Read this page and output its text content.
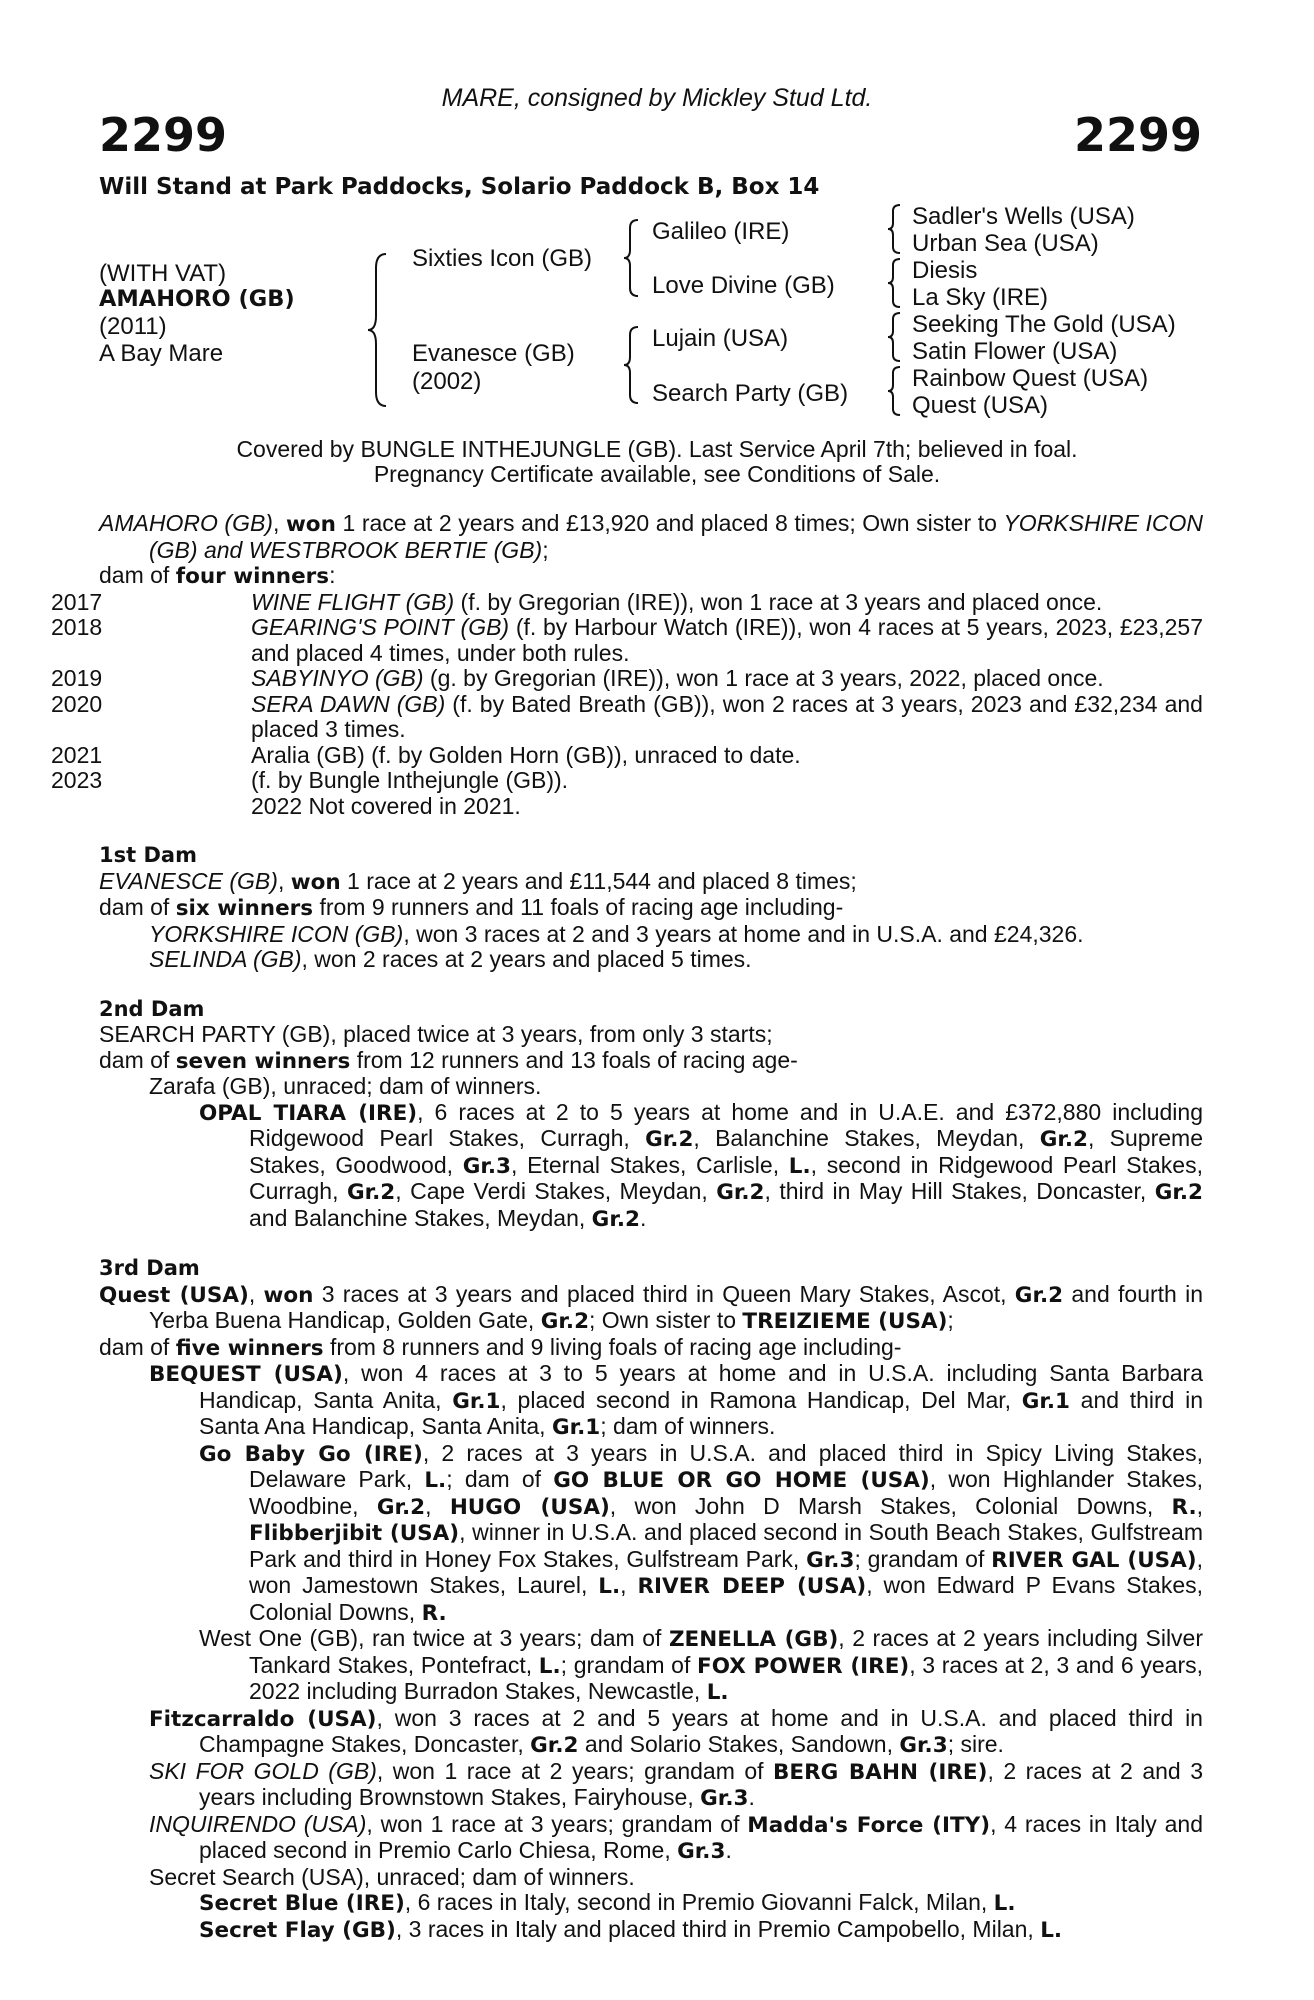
MARE, consigned by Mickley Stud Ltd.
2299	2299
Will Stand at Park Paddocks, Solario Paddock B, Box 14
(WITH VAT)
AMAHORO (GB)
(2011)
A Bay Mare
Sixties Icon (GB)
Evanesce (GB)
(2002)
Galileo (IRE)
Love Divine (GB)
Lujain (USA)
Search Party (GB)
Sadler's Wells (USA)
Urban Sea (USA)
Diesis
La Sky (IRE)
Seeking The Gold (USA)
Satin Flower (USA)
Rainbow Quest (USA)
Quest (USA)
Covered by BUNGLE INTHEJUNGLE (GB). Last Service April 7th; believed in foal.
Pregnancy Certificate available, see Conditions of Sale.

AMAHORO (GB), won 1 race at 2 years and £13,920 and placed 8 times; Own sister to YORKSHIRE ICON (GB) and WESTBROOK BERTIE (GB);

dam of four winners:

2017	WINE FLIGHT (GB) (f. by Gregorian (IRE)), won 1 race at 3 years and placed once.

2018	GEARING'S POINT (GB) (f. by Harbour Watch (IRE)), won 4 races at 5 years, 2023, £23,257 and placed 4 times, under both rules.

2019	SABYINYO (GB) (g. by Gregorian (IRE)), won 1 race at 3 years, 2022, placed once.

2020	SERA DAWN (GB) (f. by Bated Breath (GB)), won 2 races at 3 years, 2023 and £32,234 and placed 3 times.

2021	Aralia (GB) (f. by Golden Horn (GB)), unraced to date.

2023	(f. by Bungle Inthejungle (GB)).

2022 Not covered in 2021.

1st Dam

EVANESCE (GB), won 1 race at 2 years and £11,544 and placed 8 times;

dam of six winners from 9 runners and 11 foals of racing age including-

YORKSHIRE ICON (GB), won 3 races at 2 and 3 years at home and in U.S.A. and £24,326.

SELINDA (GB), won 2 races at 2 years and placed 5 times.

2nd Dam

SEARCH PARTY (GB), placed twice at 3 years, from only 3 starts;

dam of seven winners from 12 runners and 13 foals of racing age-

Zarafa (GB), unraced; dam of winners.

OPAL TIARA (IRE), 6 races at 2 to 5 years at home and in U.A.E. and £372,880 including Ridgewood Pearl Stakes, Curragh, Gr.2, Balanchine Stakes, Meydan, Gr.2, Supreme Stakes, Goodwood, Gr.3, Eternal Stakes, Carlisle, L., second in Ridgewood Pearl Stakes, Curragh, Gr.2, Cape Verdi Stakes, Meydan, Gr.2, third in May Hill Stakes, Doncaster, Gr.2 and Balanchine Stakes, Meydan, Gr.2.

3rd Dam

Quest (USA), won 3 races at 3 years and placed third in Queen Mary Stakes, Ascot, Gr.2 and fourth in Yerba Buena Handicap, Golden Gate, Gr.2; Own sister to TREIZIEME (USA);

dam of five winners from 8 runners and 9 living foals of racing age including-

BEQUEST (USA), won 4 races at 3 to 5 years at home and in U.S.A. including Santa Barbara Handicap, Santa Anita, Gr.1, placed second in Ramona Handicap, Del Mar, Gr.1 and third in Santa Ana Handicap, Santa Anita, Gr.1; dam of winners.

Go Baby Go (IRE), 2 races at 3 years in U.S.A. and placed third in Spicy Living Stakes, Delaware Park, L.; dam of GO BLUE OR GO HOME (USA), won Highlander Stakes, Woodbine, Gr.2, HUGO (USA), won John D Marsh Stakes, Colonial Downs, R., Flibberjibit (USA), winner in U.S.A. and placed second in South Beach Stakes, Gulfstream Park and third in Honey Fox Stakes, Gulfstream Park, Gr.3; grandam of RIVER GAL (USA), won Jamestown Stakes, Laurel, L., RIVER DEEP (USA), won Edward P Evans Stakes, Colonial Downs, R.

West One (GB), ran twice at 3 years; dam of ZENELLA (GB), 2 races at 2 years including Silver Tankard Stakes, Pontefract, L.; grandam of FOX POWER (IRE), 3 races at 2, 3 and 6 years, 2022 including Burradon Stakes, Newcastle, L.

Fitzcarraldo (USA), won 3 races at 2 and 5 years at home and in U.S.A. and placed third in Champagne Stakes, Doncaster, Gr.2 and Solario Stakes, Sandown, Gr.3; sire.

SKI FOR GOLD (GB), won 1 race at 2 years; grandam of BERG BAHN (IRE), 2 races at 2 and 3 years including Brownstown Stakes, Fairyhouse, Gr.3.

INQUIRENDO (USA), won 1 race at 3 years; grandam of Madda's Force (ITY), 4 races in Italy and placed second in Premio Carlo Chiesa, Rome, Gr.3.

Secret Search (USA), unraced; dam of winners.

Secret Blue (IRE), 6 races in Italy, second in Premio Giovanni Falck, Milan, L.

Secret Flay (GB), 3 races in Italy and placed third in Premio Campobello, Milan, L.
